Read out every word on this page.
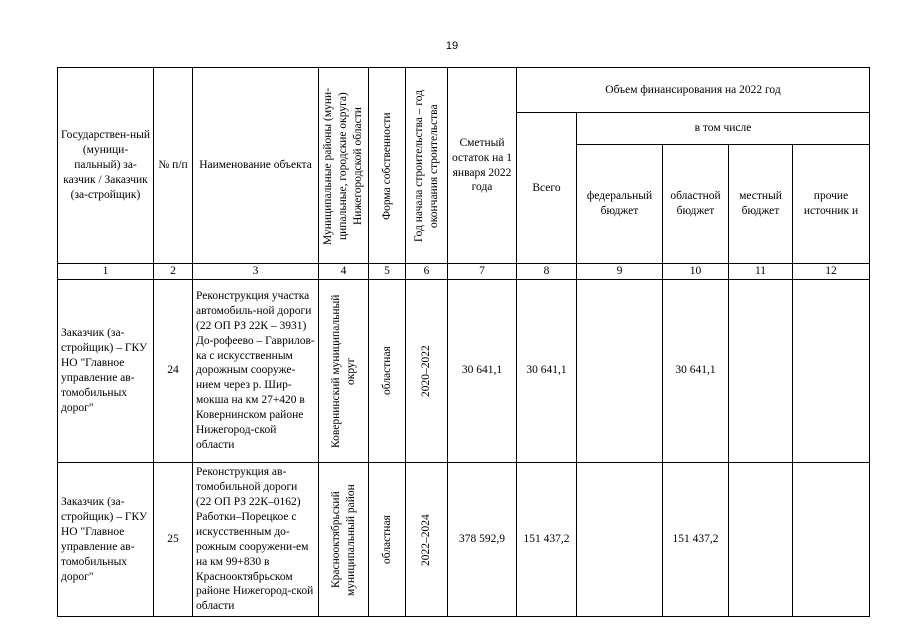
19
Государствен-ный (муници-пальный) за-казчик / Заказчик (за-стройщик)	№ п/п	Наименование объекта	Муниципальные районы (муни-ципальные, городские округа) Нижегородской области	Форма собственности	Год начала строительства – год окончания строительства	Сметный остаток на 1 января 2022 года	Объем финансирования на 2022 год				
							Всего	в том числе			
								федеральный бюджет	областной бюджет	местный бюджет	прочие источник и
1	2	3	4	5	6	7	8	9	10	11	12
Заказчик (за-стройщик) – ГКУ НО "Главное управление ав-томобильных дорог"	24	Реконструкция участка автомобиль-ной дороги (22 ОП РЗ 22К – 3931) До-рофеево – Гаврилов-ка с искусственным дорожным сооруже-нием через р. Шир-мокша на км 27+420 в Ковернинском районе Нижегород-ской области	Ковернинский муниципальный округ	областная	2020–2022	30 641,1	30 641,1		30 641,1		
Заказчик (за-стройщик) – ГКУ НО "Главное управление ав-томобильных дорог"	25	Реконструкция ав-томобильной дороги (22 ОП РЗ 22К–0162) Работки–Порецкое с искусственным до-рожным сооружени-ем на км 99+830 в Краснооктябрьском районе Нижегород-ской области	Краснооктябрьский муниципальный район	областная	2022–2024	378 592,9	151 437,2		151 437,2		
